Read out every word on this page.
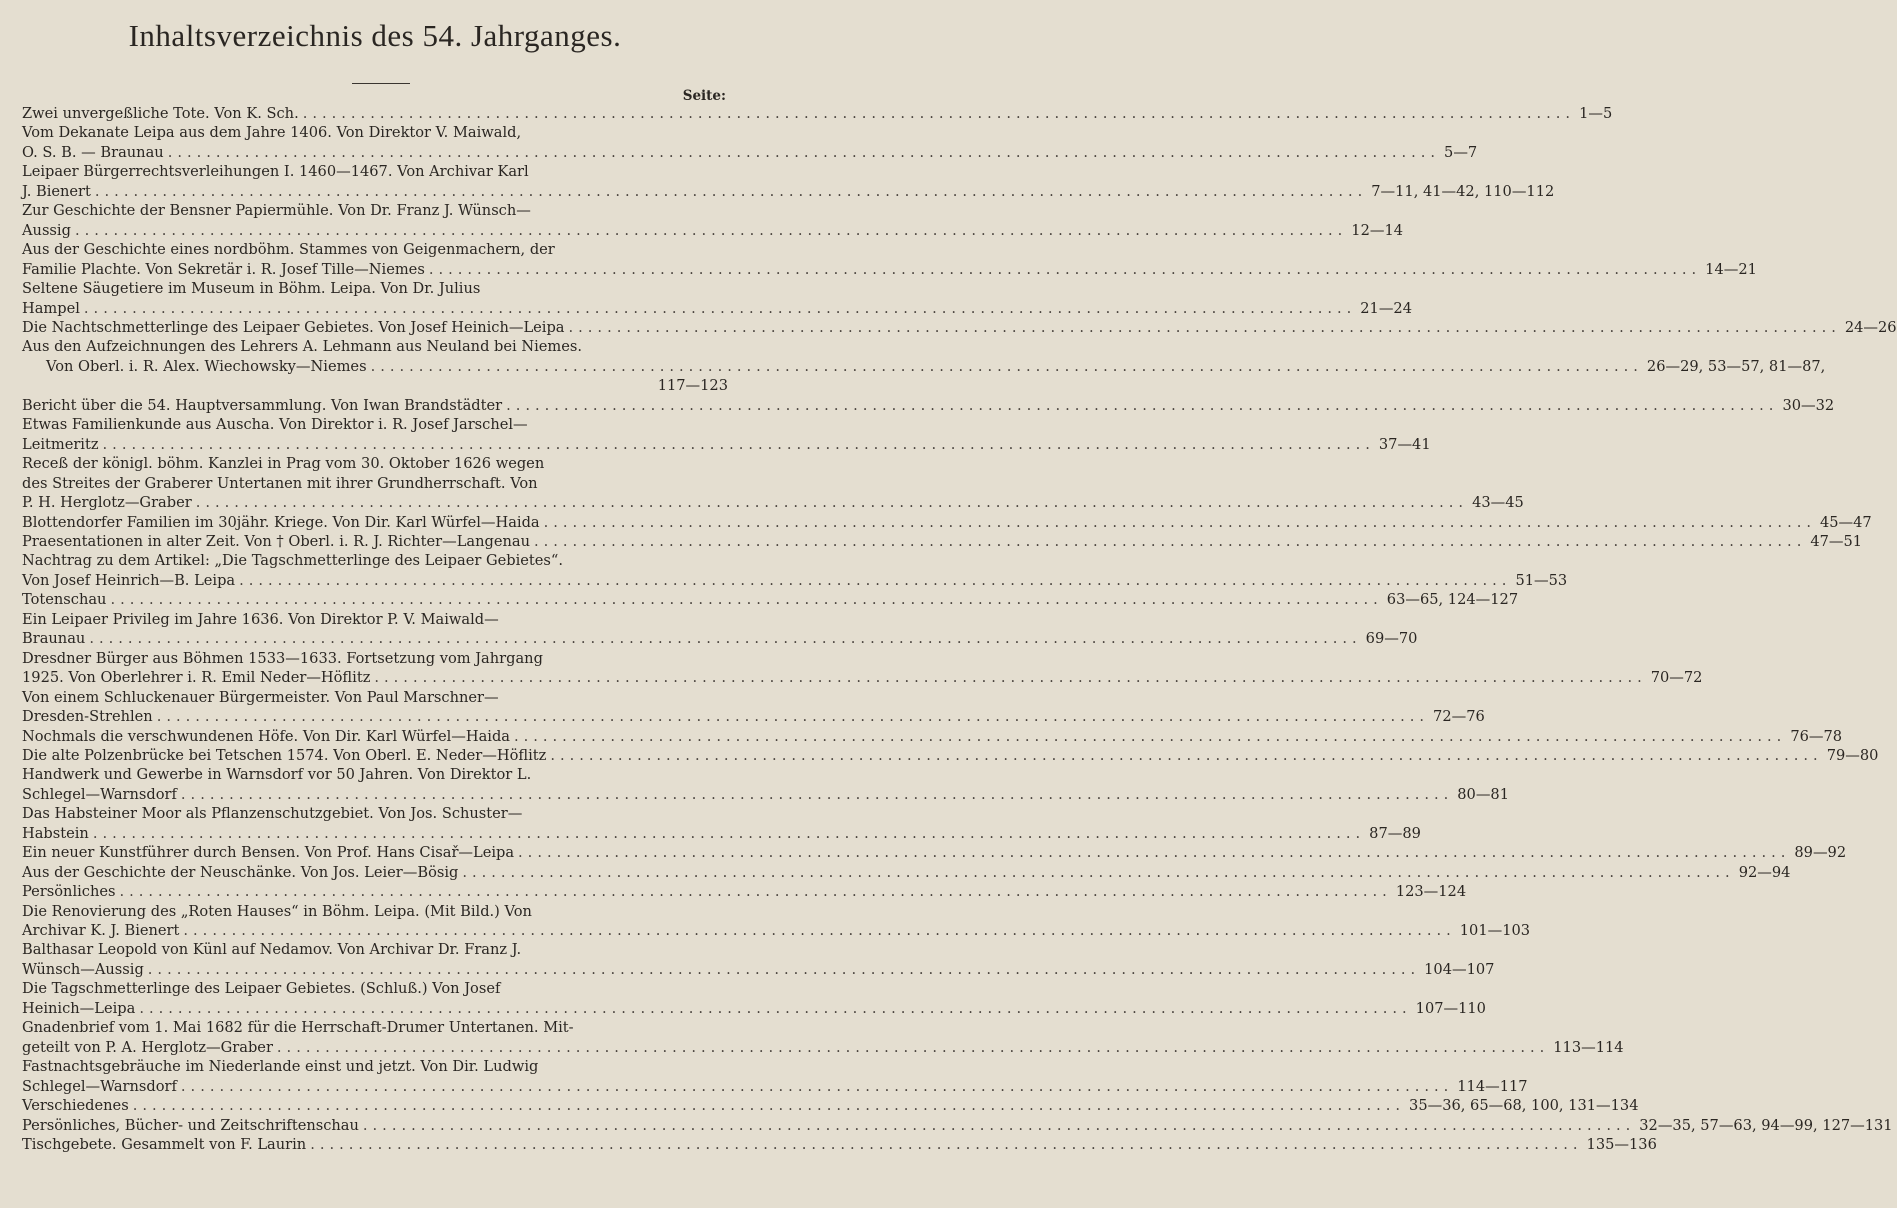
Inhaltsverzeichnis des 54. Jahrganges.
Seite:
Zwei unvergeßliche Tote. Von K. Sch. .................................................................................................................................... 1—5
Vom Dekanate Leipa aus dem Jahre 1406. Von Direktor V. Maiwald,
O. S. B. — Braunau .................................................................................................................................... 5—7
Leipaer Bürgerrechtsverleihungen I. 1460—1467. Von Archivar Karl
J. Bienert .................................................................................................................................... 7—11, 41—42, 110—112
Zur Geschichte der Bensner Papiermühle. Von Dr. Franz J. Wünsch—
Aussig .................................................................................................................................... 12—14
Aus der Geschichte eines nordböhm. Stammes von Geigenmachern, der
Familie Plachte. Von Sekretär i. R. Josef Tille—Niemes .................................................................................................................................... 14—21
Seltene Säugetiere im Museum in Böhm. Leipa. Von Dr. Julius
Hampel .................................................................................................................................... 21—24
Die Nachtschmetterlinge des Leipaer Gebietes. Von Josef Heinich—Leipa .................................................................................................................................... 24—26
Aus den Aufzeichnungen des Lehrers A. Lehmann aus Neuland bei Niemes.
Von Oberl. i. R. Alex. Wiechowsky—Niemes .................................................................................................................................... 26—29, 53—57, 81—87,
117—123
Bericht über die 54. Hauptversammlung. Von Iwan Brandstädter .................................................................................................................................... 30—32
Etwas Familienkunde aus Auscha. Von Direktor i. R. Josef Jarschel—
Leitmeritz .................................................................................................................................... 37—41
Receß der königl. böhm. Kanzlei in Prag vom 30. Oktober 1626 wegen
des Streites der Graberer Untertanen mit ihrer Grundherrschaft. Von
P. H. Herglotz—Graber .................................................................................................................................... 43—45
Blottendorfer Familien im 30jähr. Kriege. Von Dir. Karl Würfel—Haida .................................................................................................................................... 45—47
Praesentationen in alter Zeit. Von † Oberl. i. R. J. Richter—Langenau .................................................................................................................................... 47—51
Nachtrag zu dem Artikel: „Die Tagschmetterlinge des Leipaer Gebietes“.
Von Josef Heinrich—B. Leipa .................................................................................................................................... 51—53
Totenschau .................................................................................................................................... 63—65, 124—127
Ein Leipaer Privileg im Jahre 1636. Von Direktor P. V. Maiwald—
Braunau .................................................................................................................................... 69—70
Dresdner Bürger aus Böhmen 1533—1633. Fortsetzung vom Jahrgang
1925. Von Oberlehrer i. R. Emil Neder—Höflitz .................................................................................................................................... 70—72
Von einem Schluckenauer Bürgermeister. Von Paul Marschner—
Dresden-Strehlen .................................................................................................................................... 72—76
Nochmals die verschwundenen Höfe. Von Dir. Karl Würfel—Haida .................................................................................................................................... 76—78
Die alte Polzenbrücke bei Tetschen 1574. Von Oberl. E. Neder—Höflitz .................................................................................................................................... 79—80
Handwerk und Gewerbe in Warnsdorf vor 50 Jahren. Von Direktor L.
Schlegel—Warnsdorf .................................................................................................................................... 80—81
Das Habsteiner Moor als Pflanzenschutzgebiet. Von Jos. Schuster—
Habstein .................................................................................................................................... 87—89
Ein neuer Kunstführer durch Bensen. Von Prof. Hans Cisař—Leipa .................................................................................................................................... 89—92
Aus der Geschichte der Neuschänke. Von Jos. Leier—Bösig .................................................................................................................................... 92—94
Persönliches .................................................................................................................................... 123—124
Die Renovierung des „Roten Hauses“ in Böhm. Leipa. (Mit Bild.) Von
Archivar K. J. Bienert .................................................................................................................................... 101—103
Balthasar Leopold von Künl auf Nedamov. Von Archivar Dr. Franz J.
Wünsch—Aussig .................................................................................................................................... 104—107
Die Tagschmetterlinge des Leipaer Gebietes. (Schluß.) Von Josef
Heinich—Leipa .................................................................................................................................... 107—110
Gnadenbrief vom 1. Mai 1682 für die Herrschaft-Drumer Untertanen. Mit-
geteilt von P. A. Herglotz—Graber .................................................................................................................................... 113—114
Fastnachtsgebräuche im Niederlande einst und jetzt. Von Dir. Ludwig
Schlegel—Warnsdorf .................................................................................................................................... 114—117
Verschiedenes .................................................................................................................................... 35—36, 65—68, 100, 131—134
Persönliches, Bücher- und Zeitschriftenschau .................................................................................................................................... 32—35, 57—63, 94—99, 127—131
Tischgebete. Gesammelt von F. Laurin .................................................................................................................................... 135—136
